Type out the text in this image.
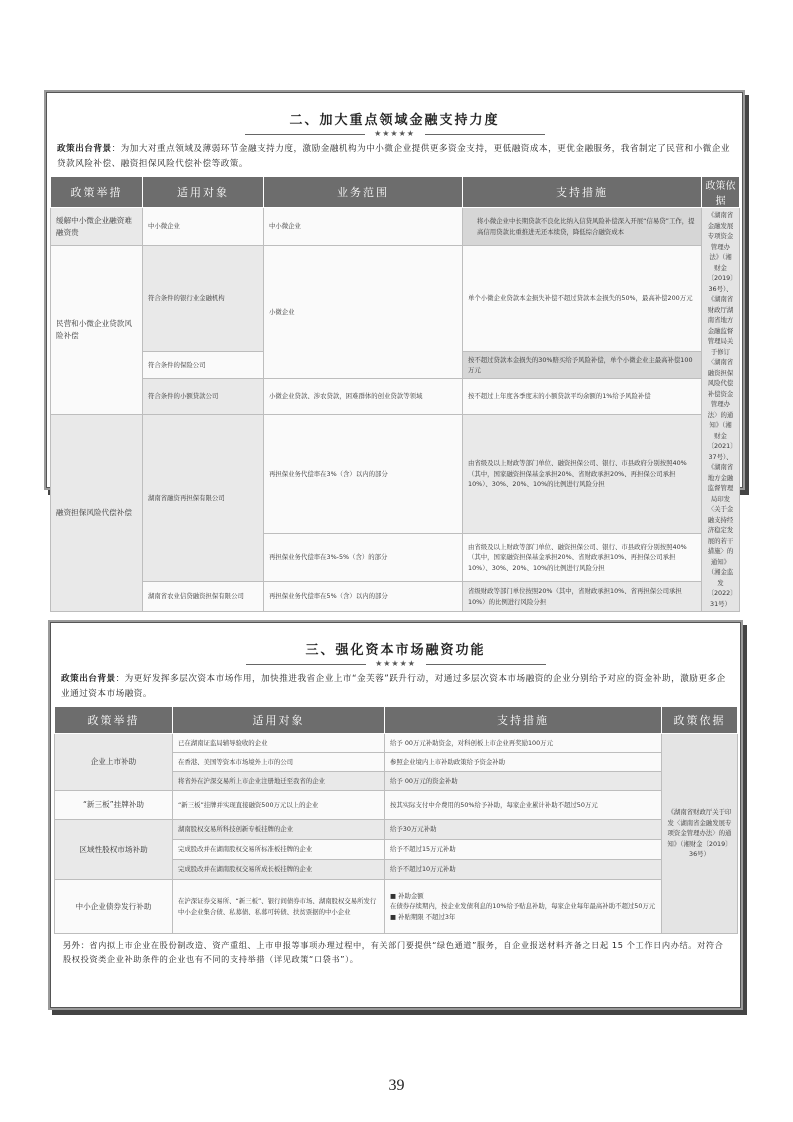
二、加大重点领域金融支持力度
★★★★★
政策出台背景：为加大对重点领域及薄弱环节金融支持力度，激励金融机构为中小微企业提供更多资金支持，更低融资成本，更优金融服务，我省制定了民营和小微企业贷款风险补偿、融资担保风险代偿补偿等政策。
政策举措	适用对象	业务范围	支持措施	政策依据
缓解中小微企业融资难融资贵	中小微企业	中小微企业	将小微企业中长期贷款不良化比纳入信贷风险补偿深入开展“信易贷”工作，提高信用贷款比重推进无还本续贷，降低综合融资成本	《湖南省金融发展专项资金管理办法》（湘财金〔2019〕36号）、《湖南省财政厅湖南省地方金融监督管理局关于修订〈湖南省融资担保风险代偿补偿资金管理办法〉的通知》（湘财金〔2021〕37号）、《湖南省地方金融监督管理局印发〈关于金融支持经济稳定发展的若干措施〉的通知》（湘金监发〔2022〕31号）
民营和小微企业贷款风险补偿	符合条件的银行业金融机构	小微企业	单个小微企业贷款本金损失补偿不超过贷款本金损失的50%，最高补偿200万元	
	符合条件的保险公司		按不超过贷款本金损失的30%赔买给予风险补偿，单个小微企业主最高补偿100万元	
	符合条件的小额贷款公司	小微企业贷款、涉农贷款，困难群体的创业贷款等领域	按不超过上年度各季度末的小额贷款平均余额的1%给予风险补偿	
融资担保风险代偿补偿	湖南省融资再担保有限公司	再担保业务代偿率在3%（含）以内的部分	由省级及以上财政等部门单位、融资担保公司、银行、市县政府分别按照40%（其中，国家融资担保基金承担20%、省财政承担20%、再担保公司承担10%）、30%、20%、10%的比例进行风险分担	
		再担保业务代偿率在3%-5%（含）的部分	由省级及以上财政等部门单位、融资担保公司、银行、市县政府分别按照40%（其中，国家融资担保基金承担20%、省财政承担10%、再担保公司承担10%）、30%、20%、10%的比例进行风险分担	
	湖南省农业信贷融资担保有限公司	再担保业务代偿率在5%（含）以内的部分	省级财政等部门单位按照20%（其中，省财政承担10%、省再担保公司承担10%）的比例进行风险分担	
三、强化资本市场融资功能
★★★★★
政策出台背景：为更好发挥多层次资本市场作用，加快推进我省企业上市“金芙蓉”跃升行动，对通过多层次资本市场融资的企业分别给予对应的资金补助，激励更多企业通过资本市场融资。
政策举措	适用对象	支持措施	政策依据
企业上市补助	已在湖南证监局辅导验收的企业	给予 00万元补助资金，对科创板上市企业再奖励100万元	《湖南省财政厅关于印发〈湖南省金融发展专项资金管理办法〉的通知》（湘财金〔2019〕36号）
	在香港、美国等资本市场境外上市的公司	参照企业境内上市补助政策给予资金补助	
	将省外在沪深交易所上市企业注册地迁至我省的企业	给予 00万元的资金补助	
“新三板”挂牌补助	“新三板”挂牌并实现直接融资500万元以上的企业	按其实际支付中介费用的50%给予补助，每家企业累计补助不超过50万元	
区域性股权市场补助	湖南股权交易所科技创新专板挂牌的企业	给予30万元补助	
	完成股改并在湖南股权交易所标准板挂牌的企业	给予不超过15万元补助	
	完成股改并在湖南股权交易所成长板挂牌的企业	给予不超过10万元补助	
中小企业债券发行补助	在沪深证券交易所、“新三板”、银行间债券市场、湖南股权交易所发行中小企业集合债、私募债、私募可转债、扶贫票据的中小企业	■ 补助金额
在债券存续期内，按企业发债利息的10%给予贴息补助，每家企业每年最高补助不超过50万元
■ 补贴期限 不超过3年	
另外：省内拟上市企业在股份制改造、资产重组、上市申报等事项办理过程中，有关部门要提供“绿色通道”服务，自企业报送材料齐备之日起 15 个工作日内办结。对符合股权投资类企业补助条件的企业也有不同的支持举措（详见政策“口袋书”）。
39
